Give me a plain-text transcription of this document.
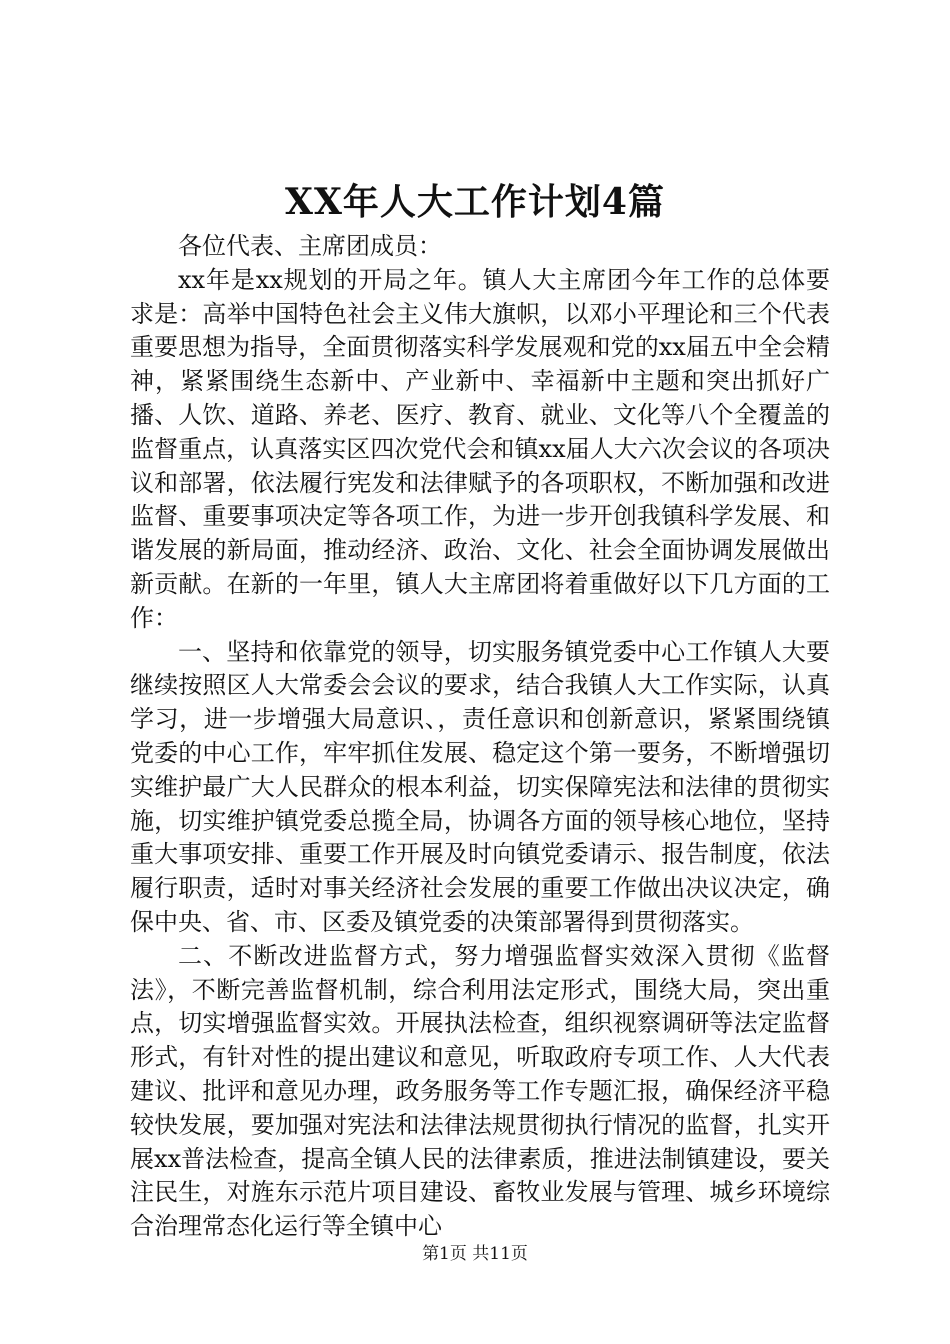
XX年人大工作计划4篇

各位代表、主席团成员：

xx年是xx规划的开局之年。镇人大主席团今年工作的总体要求是：高举中国特色社会主义伟大旗帜，以邓小平理论和三个代表重要思想为指导，全面贯彻落实科学发展观和党的xx届五中全会精神，紧紧围绕生态新中、产业新中、幸福新中主题和突出抓好广播、人饮、道路、养老、医疗、教育、就业、文化等八个全覆盖的监督重点，认真落实区四次党代会和镇xx届人大六次会议的各项决议和部署，依法履行宪发和法律赋予的各项职权，不断加强和改进监督、重要事项决定等各项工作，为进一步开创我镇科学发展、和谐发展的新局面，推动经济、政治、文化、社会全面协调发展做出新贡献。在新的一年里，镇人大主席团将着重做好以下几方面的工作：

一、坚持和依靠党的领导，切实服务镇党委中心工作镇人大要继续按照区人大常委会会议的要求，结合我镇人大工作实际，认真学习，进一步增强大局意识、，责任意识和创新意识，紧紧围绕镇党委的中心工作，牢牢抓住发展、稳定这个第一要务，不断增强切实维护最广大人民群众的根本利益，切实保障宪法和法律的贯彻实施，切实维护镇党委总揽全局，协调各方面的领导核心地位，坚持重大事项安排、重要工作开展及时向镇党委请示、报告制度，依法履行职责，适时对事关经济社会发展的重要工作做出决议决定，确保中央、省、市、区委及镇党委的决策部署得到贯彻落实。

二、不断改进监督方式，努力增强监督实效深入贯彻《监督法》，不断完善监督机制，综合利用法定形式，围绕大局，突出重点，切实增强监督实效。开展执法检查，组织视察调研等法定监督形式，有针对性的提出建议和意见，听取政府专项工作、人大代表建议、批评和意见办理，政务服务等工作专题汇报，确保经济平稳较快发展，要加强对宪法和法律法规贯彻执行情况的监督，扎实开展xx普法检查，提高全镇人民的法律素质，推进法制镇建设，要关注民生，对旌东示范片项目建设、畜牧业发展与管理、城乡环境综合治理常态化运行等全镇中心

第1页 共11页
